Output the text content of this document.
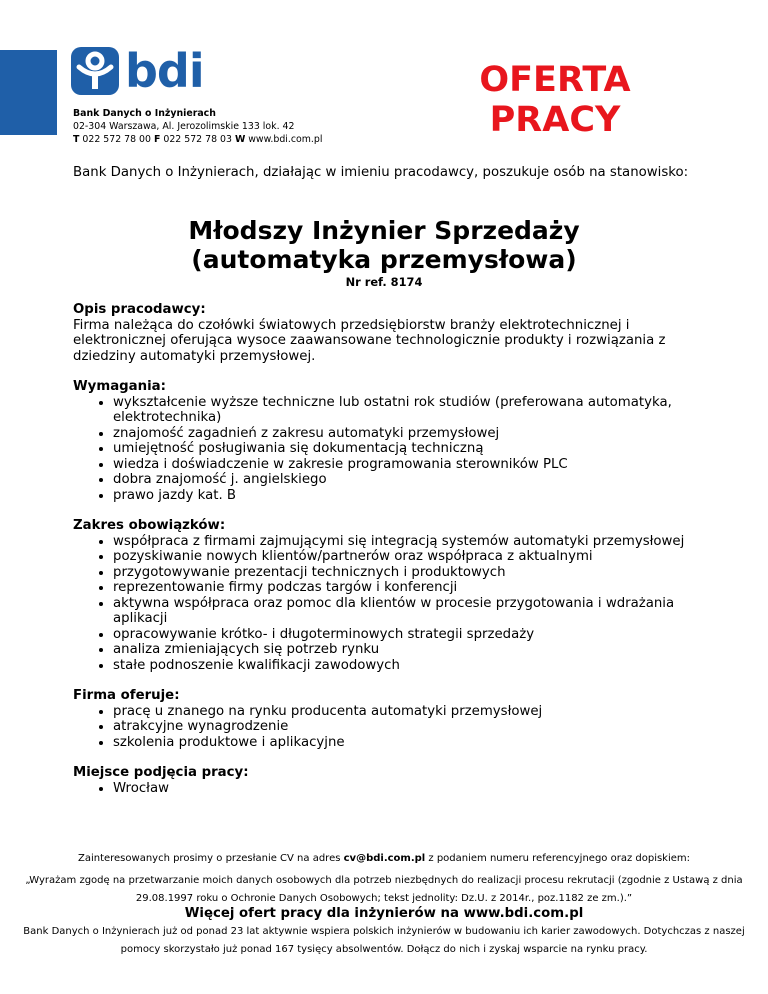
bdi
Bank Danych o Inżynierach
02-304 Warszawa, Al. Jerozolimskie 133 lok. 42
T 022 572 78 00 F 022 572 78 03 W www.bdi.com.pl
OFERTA
PRACY
Bank Danych o Inżynierach, działając w imieniu pracodawcy, poszukuje osób na stanowisko:
Młodszy Inżynier Sprzedaży
(automatyka przemysłowa)
Nr ref. 8174
Opis pracodawcy:

Firma należąca do czołówki światowych przedsiębiorstw branży elektrotechnicznej i elektronicznej oferująca wysoce zaawansowane technologicznie produkty i rozwiązania z dziedziny automatyki przemysłowej.

Wymagania:
• wykształcenie wyższe techniczne lub ostatni rok studiów (preferowana automatyka, elektrotechnika)
• znajomość zagadnień z zakresu automatyki przemysłowej
• umiejętność posługiwania się dokumentacją techniczną
• wiedza i doświadczenie w zakresie programowania sterowników PLC
• dobra znajomość j. angielskiego
• prawo jazdy kat. B
Zakres obowiązków:
• współpraca z firmami zajmującymi się integracją systemów automatyki przemysłowej
• pozyskiwanie nowych klientów/partnerów oraz współpraca z aktualnymi
• przygotowywanie prezentacji technicznych i produktowych
• reprezentowanie firmy podczas targów i konferencji
• aktywna współpraca oraz pomoc dla klientów w procesie przygotowania i wdrażania aplikacji
• opracowywanie krótko- i długoterminowych strategii sprzedaży
• analiza zmieniających się potrzeb rynku
• stałe podnoszenie kwalifikacji zawodowych
Firma oferuje:
• pracę u znanego na rynku producenta automatyki przemysłowej
• atrakcyjne wynagrodzenie
• szkolenia produktowe i aplikacyjne
Miejsce podjęcia pracy:
• Wrocław
Zainteresowanych prosimy o przesłanie CV na adres cv@bdi.com.pl z podaniem numeru referencyjnego oraz dopiskiem:
„Wyrażam zgodę na przetwarzanie moich danych osobowych dla potrzeb niezbędnych do realizacji procesu rekrutacji (zgodnie z Ustawą z dnia 29.08.1997 roku o Ochronie Danych Osobowych; tekst jednolity: Dz.U. z 2014r., poz.1182 ze zm.).”
Więcej ofert pracy dla inżynierów na www.bdi.com.pl
Bank Danych o Inżynierach już od ponad 23 lat aktywnie wspiera polskich inżynierów w budowaniu ich karier zawodowych. Dotychczas z naszej pomocy skorzystało już ponad 167 tysięcy absolwentów. Dołącz do nich i zyskaj wsparcie na rynku pracy.
